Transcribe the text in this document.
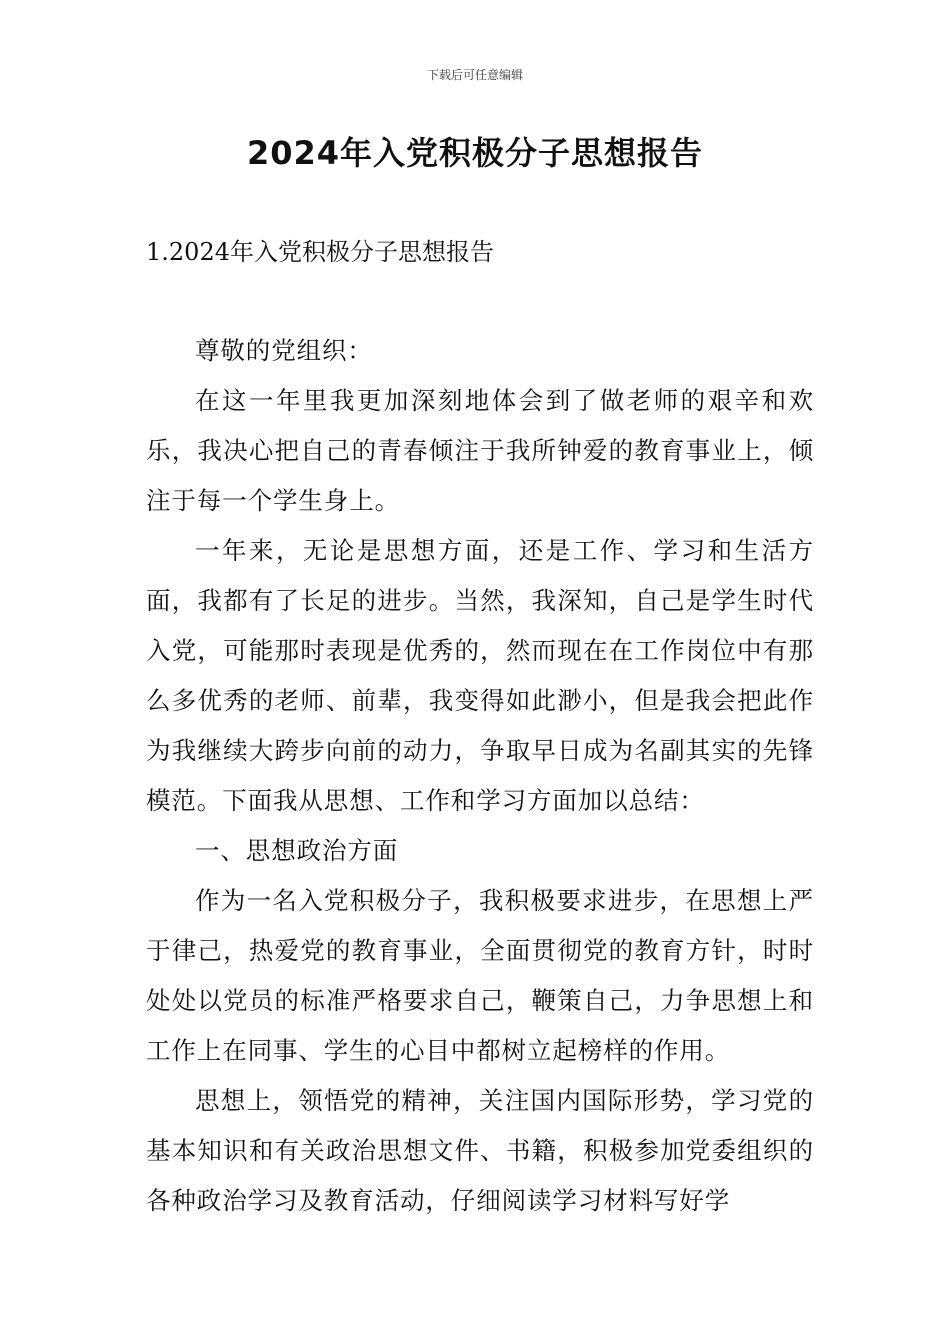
下载后可任意编辑
2024年入党积极分子思想报告
1.2024年入党积极分子思想报告

尊敬的党组织：

在这一年里我更加深刻地体会到了做老师的艰辛和欢乐，我决心把自己的青春倾注于我所钟爱的教育事业上，倾注于每一个学生身上。

一年来，无论是思想方面，还是工作、学习和生活方面，我都有了长足的进步。当然，我深知，自己是学生时代入党，可能那时表现是优秀的，然而现在在工作岗位中有那么多优秀的老师、前辈，我变得如此渺小，但是我会把此作为我继续大跨步向前的动力，争取早日成为名副其实的先锋模范。下面我从思想、工作和学习方面加以总结：

一、思想政治方面

作为一名入党积极分子，我积极要求进步，在思想上严于律己，热爱党的教育事业，全面贯彻党的教育方针，时时处处以党员的标准严格要求自己，鞭策自己，力争思想上和工作上在同事、学生的心目中都树立起榜样的作用。

思想上，领悟党的精神，关注国内国际形势，学习党的基本知识和有关政治思想文件、书籍，积极参加党委组织的各种政治学习及教育活动，仔细阅读学习材料写好学
